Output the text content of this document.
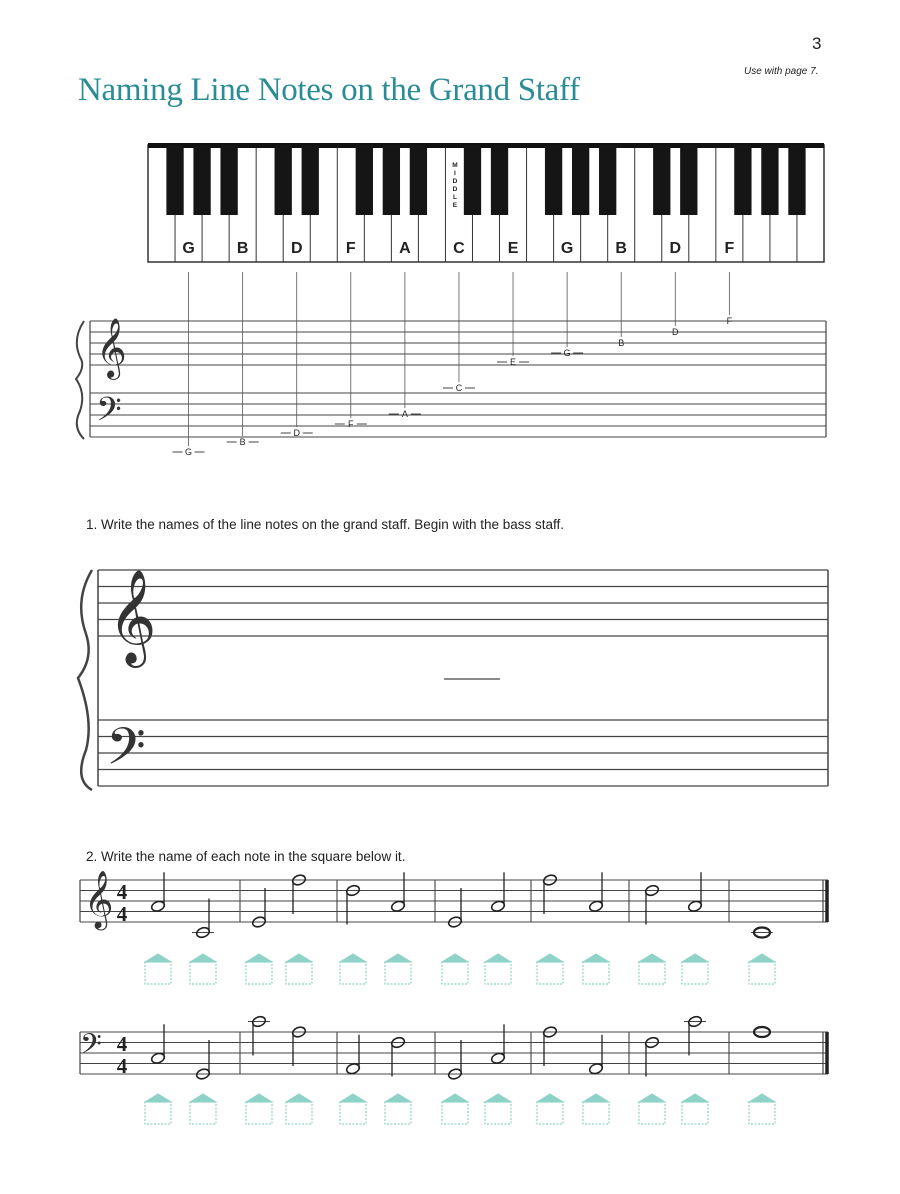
3
Use with page 7.
Naming Line Notes on the Grand Staff
1. Write the names of the line notes on the grand staff. Begin with the bass staff.
2. Write the name of each note in the square below it.
G	B	D	F	A	C	E	G	B	D	F
M
I
D
D
L
E
𝄞
𝄢
G
B
D
F
A
C
E
G
B
D
F
𝄞
𝄢
𝄞 4
4
𝄢 4
4
